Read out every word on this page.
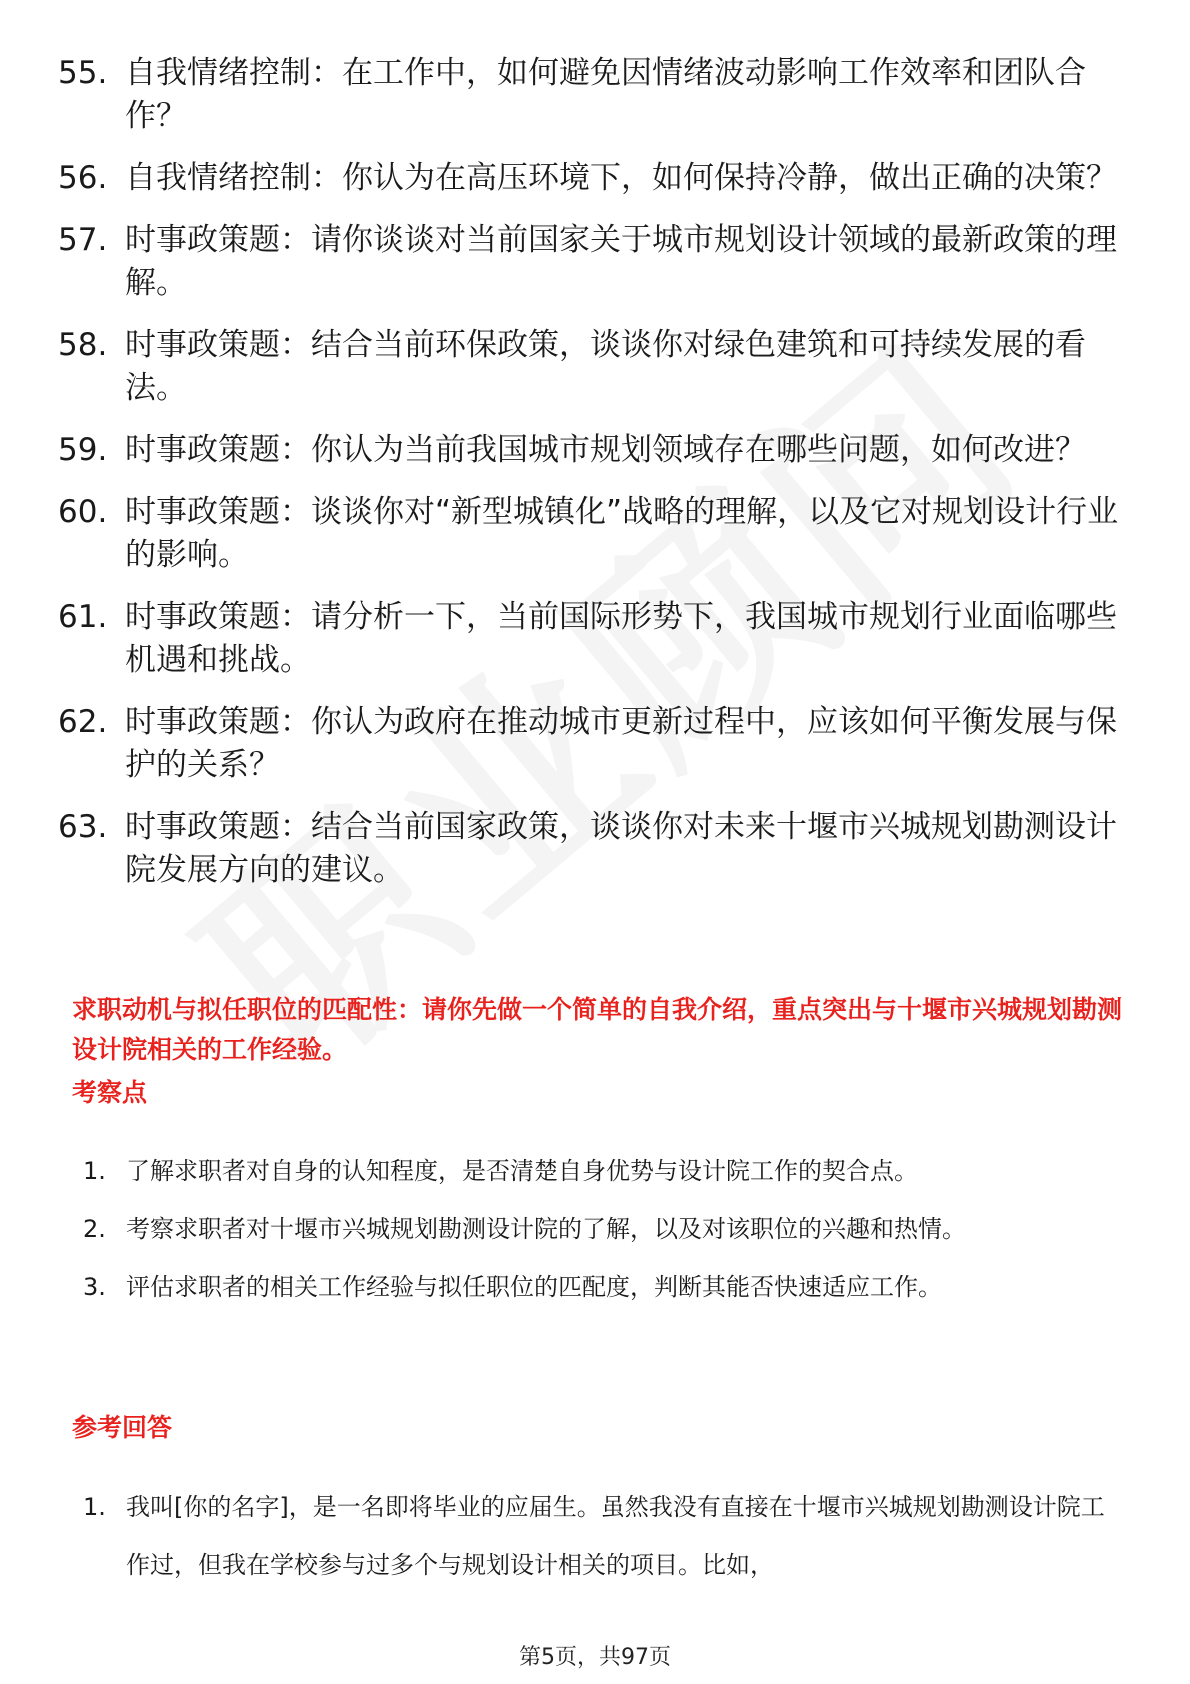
55. 自我情绪控制：在工作中，如何避免因情绪波动影响工作效率和团队合作？
56. 自我情绪控制：你认为在高压环境下，如何保持冷静，做出正确的决策？
57. 时事政策题：请你谈谈对当前国家关于城市规划设计领域的最新政策的理解。
58. 时事政策题：结合当前环保政策，谈谈你对绿色建筑和可持续发展的看法。
59. 时事政策题：你认为当前我国城市规划领域存在哪些问题，如何改进？
60. 时事政策题：谈谈你对“新型城镇化”战略的理解，以及它对规划设计行业的影响。
61. 时事政策题：请分析一下，当前国际形势下，我国城市规划行业面临哪些机遇和挑战。
62. 时事政策题：你认为政府在推动城市更新过程中，应该如何平衡发展与保护的关系？
63. 时事政策题：结合当前国家政策，谈谈你对未来十堰市兴城规划勘测设计院发展方向的建议。
求职动机与拟任职位的匹配性：请你先做一个简单的自我介绍，重点突出与十堰市兴城规划勘测设计院相关的工作经验。
考察点
1. 了解求职者对自身的认知程度，是否清楚自身优势与设计院工作的契合点。
2. 考察求职者对十堰市兴城规划勘测设计院的了解，以及对该职位的兴趣和热情。
3. 评估求职者的相关工作经验与拟任职位的匹配度，判断其能否快速适应工作。
参考回答
1. 我叫[你的名字]，是一名即将毕业的应届生。虽然我没有直接在十堰市兴城规划勘测设计院工作过，但我在学校参与过多个与规划设计相关的项目。比如，
第5页，共97页
